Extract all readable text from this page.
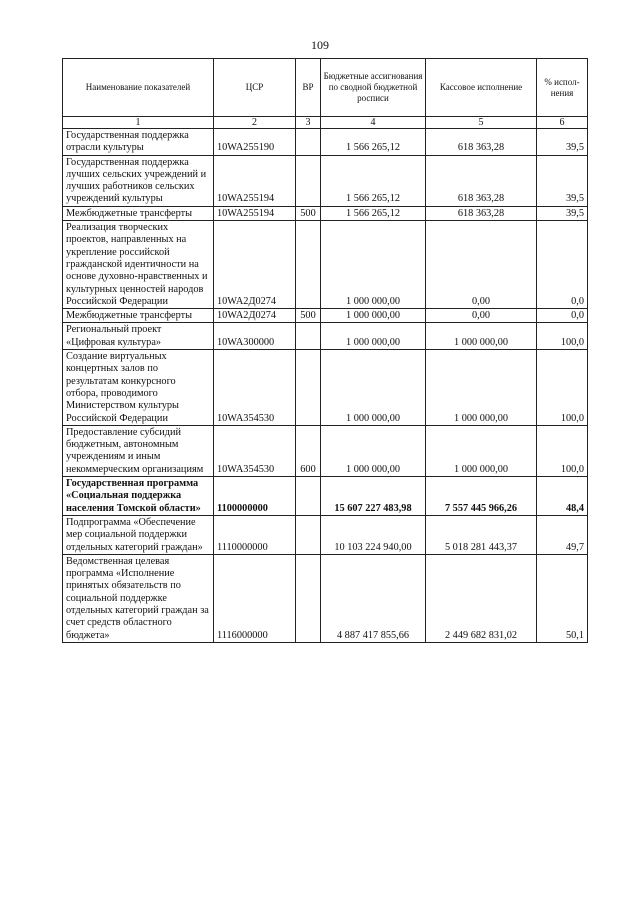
109
Наименование показателей	ЦСР	ВР	Бюджетные ассигнования по сводной бюджетной росписи	Кассовое исполнение	% испол-нения
1	2	3	4	5	6
Государственная поддержка отрасли культуры	10WA255190		1 566 265,12	618 363,28	39,5
Государственная поддержка лучших сельских учреждений и лучших работников сельских учреждений культуры	10WA255194		1 566 265,12	618 363,28	39,5
Межбюджетные трансферты	10WA255194	500	1 566 265,12	618 363,28	39,5
Реализация творческих проектов, направленных на укрепление российской гражданской идентичности на основе духовно-нравственных и культурных ценностей народов Российской Федерации	10WA2Д0274		1 000 000,00	0,00	0,0
Межбюджетные трансферты	10WA2Д0274	500	1 000 000,00	0,00	0,0
Региональный проект «Цифровая культура»	10WA300000		1 000 000,00	1 000 000,00	100,0
Создание виртуальных концертных залов по результатам конкурсного отбора, проводимого Министерством культуры Российской Федерации	10WA354530		1 000 000,00	1 000 000,00	100,0
Предоставление субсидий бюджетным, автономным учреждениям и иным некоммерческим организациям	10WA354530	600	1 000 000,00	1 000 000,00	100,0
Государственная программа «Социальная поддержка населения Томской области»	1100000000		15 607 227 483,98	7 557 445 966,26	48,4
Подпрограмма «Обеспечение мер социальной поддержки отдельных категорий граждан»	1110000000		10 103 224 940,00	5 018 281 443,37	49,7
Ведомственная целевая программа «Исполнение принятых обязательств по социальной поддержке отдельных категорий граждан за счет средств областного бюджета»	1116000000		4 887 417 855,66	2 449 682 831,02	50,1
